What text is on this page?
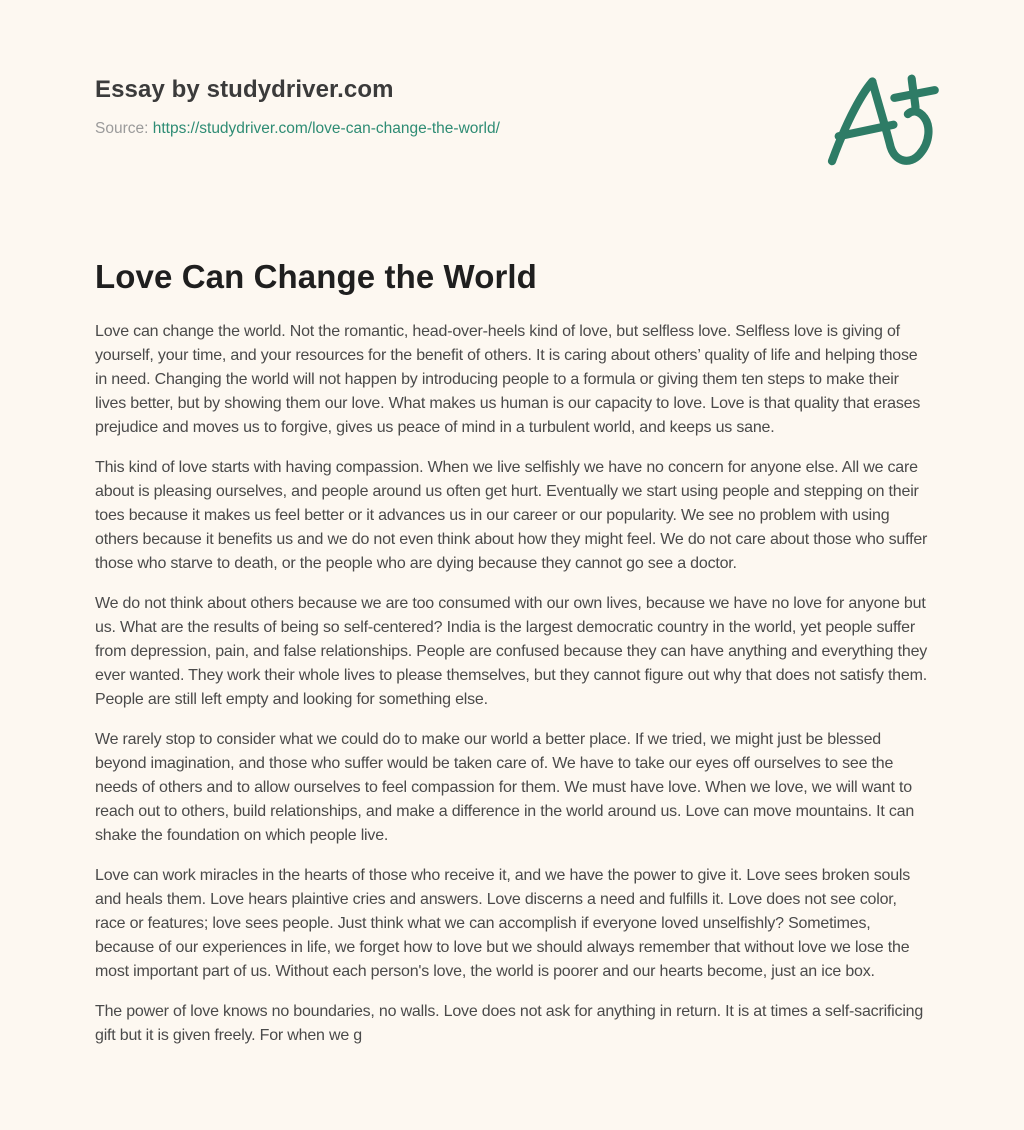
Essay by studydriver.com

Source: https://studydriver.com/love-can-change-the-world/

Love Can Change the World

Love can change the world. Not the romantic, head-over-heels kind of love, but selfless love. Selfless love is giving of yourself, your time, and your resources for the benefit of others. It is caring about others’ quality of life and helping those in need. Changing the world will not happen by introducing people to a formula or giving them ten steps to make their lives better, but by showing them our love. What makes us human is our capacity to love. Love is that quality that erases prejudice and moves us to forgive, gives us peace of mind in a turbulent world, and keeps us sane.

This kind of love starts with having compassion. When we live selfishly we have no concern for anyone else. All we care about is pleasing ourselves, and people around us often get hurt. Eventually we start using people and stepping on their toes because it makes us feel better or it advances us in our career or our popularity. We see no problem with using others because it benefits us and we do not even think about how they might feel. We do not care about those who suffer those who starve to death, or the people who are dying because they cannot go see a doctor.

We do not think about others because we are too consumed with our own lives, because we have no love for anyone but us. What are the results of being so self-centered? India is the largest democratic country in the world, yet people suffer from depression, pain, and false relationships. People are confused because they can have anything and everything they ever wanted. They work their whole lives to please themselves, but they cannot figure out why that does not satisfy them. People are still left empty and looking for something else.

We rarely stop to consider what we could do to make our world a better place. If we tried, we might just be blessed beyond imagination, and those who suffer would be taken care of. We have to take our eyes off ourselves to see the needs of others and to allow ourselves to feel compassion for them. We must have love. When we love, we will want to reach out to others, build relationships, and make a difference in the world around us. Love can move mountains. It can shake the foundation on which people live.

Love can work miracles in the hearts of those who receive it, and we have the power to give it. Love sees broken souls and heals them. Love hears plaintive cries and answers. Love discerns a need and fulfills it. Love does not see color, race or features; love sees people. Just think what we can accomplish if everyone loved unselfishly? Sometimes, because of our experiences in life, we forget how to love but we should always remember that without love we lose the most important part of us. Without each person's love, the world is poorer and our hearts become, just an ice box.

The power of love knows no boundaries, no walls. Love does not ask for anything in return. It is at times a self-sacrificing gift but it is given freely. For when we g
